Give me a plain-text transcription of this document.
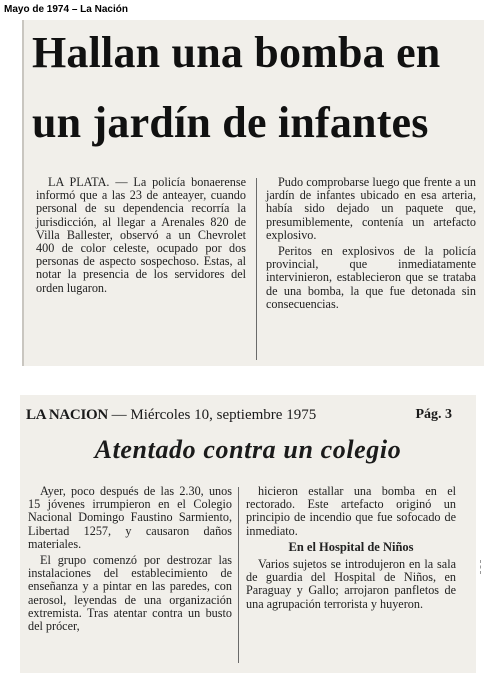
Mayo de 1974 – La Nación
Hallan una bomba en
un jardín de infantes

LA PLATA. — La policía bonaerense informó que a las 23 de anteayer, cuando personal de su dependencia recorría la jurisdicción, al llegar a Arenales 820 de Villa Ballester, observó a un Chevrolet 400 de color celeste, ocupado por dos personas de aspecto sospechoso. Estas, al notar la presencia de los servidores del orden lugaron.

Pudo comprobarse luego que frente a un jardín de infantes ubicado en esa arteria, había sido dejado un paquete que, presumiblemente, contenía un artefacto explosivo.

Peritos en explosivos de la policía provincial, que inmediatamente intervinieron, establecieron que se trataba de una bomba, la que fue detonada sin consecuencias.

LA NACION — Miércoles 10, septiembre 1975	Pág. 3
Atentado contra un colegio

Ayer, poco después de las 2.30, unos 15 jóvenes irrumpieron en el Colegio Nacional Domingo Faustino Sarmiento, Libertad 1257, y causaron daños materiales.

El grupo comenzó por destrozar las instalaciones del establecimiento de enseñanza y a pintar en las paredes, con aerosol, leyendas de una organización extremista. Tras atentar contra un busto del prócer,

hicieron estallar una bomba en el rectorado. Este artefacto originó un principio de incendio que fue sofocado de inmediato.

En el Hospital de Niños

Varios sujetos se introdujeron en la sala de guardia del Hospital de Niños, en Paraguay y Gallo; arrojaron panfletos de una agrupación terrorista y huyeron.
